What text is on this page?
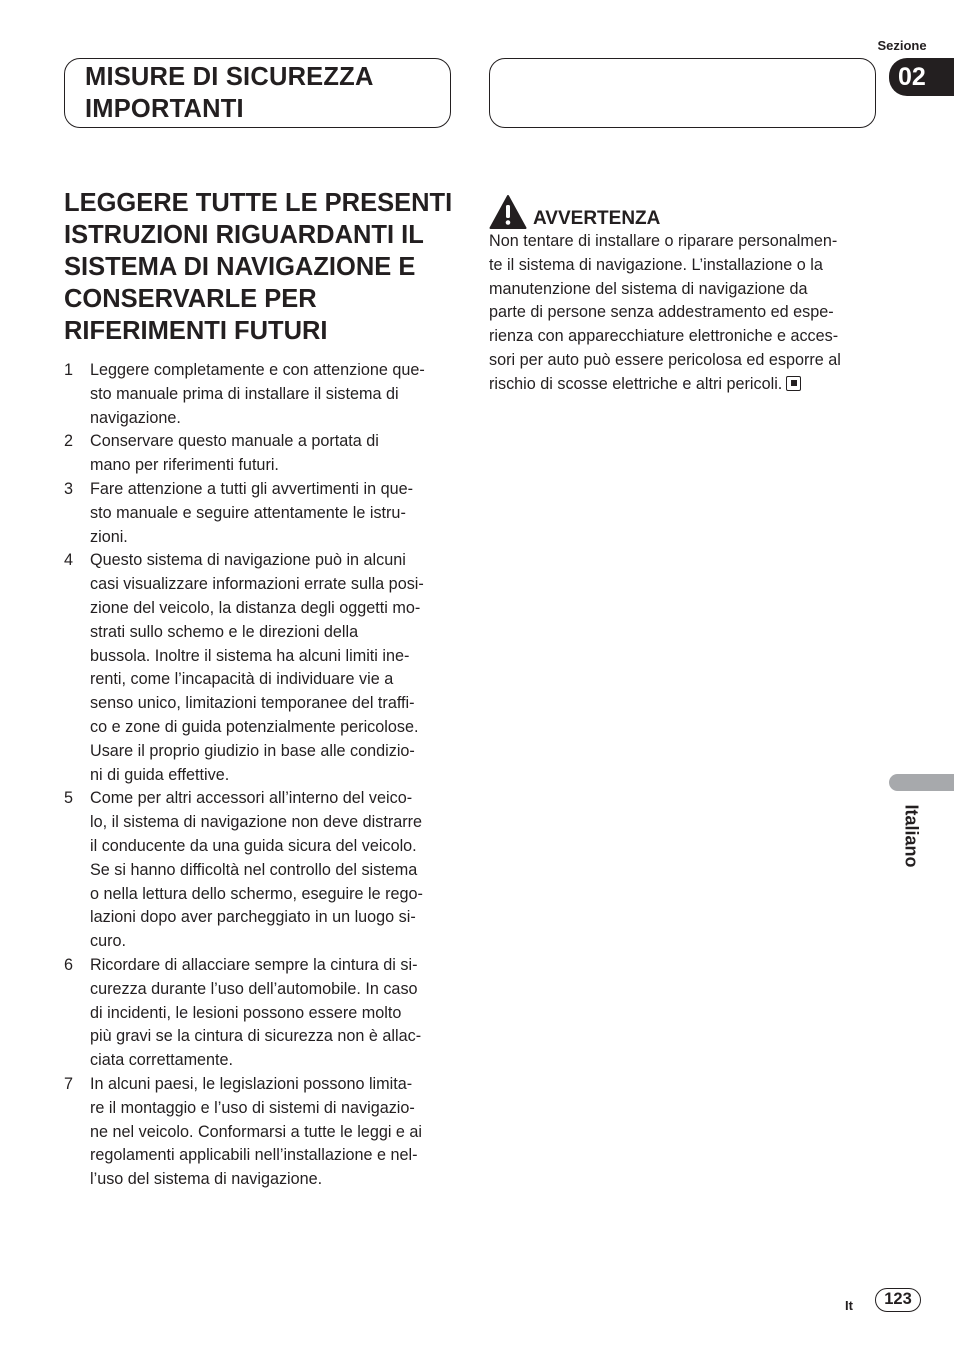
Sezione
02
MISURE DI SICUREZZA IMPORTANTI
LEGGERE TUTTE LE PRESENTI ISTRUZIONI RIGUARDANTI IL SISTEMA DI NAVIGAZIONE E CONSERVARLE PER RIFERIMENTI FUTURI
1	Leggere completamente e con attenzione que-
sto manuale prima di installare il sistema di
navigazione.
2	Conservare questo manuale a portata di
mano per riferimenti futuri.
3	Fare attenzione a tutti gli avvertimenti in que-
sto manuale e seguire attentamente le istru-
zioni.
4	Questo sistema di navigazione può in alcuni
casi visualizzare informazioni errate sulla posi-
zione del veicolo, la distanza degli oggetti mo-
strati sullo schemo e le direzioni della
bussola. Inoltre il sistema ha alcuni limiti ine-
renti, come l’incapacità di individuare vie a
senso unico, limitazioni temporanee del traffi-
co e zone di guida potenzialmente pericolose.
Usare il proprio giudizio in base alle condizio-
ni di guida effettive.
5	Come per altri accessori all’interno del veico-
lo, il sistema di navigazione non deve distrarre
il conducente da una guida sicura del veicolo.
Se si hanno difficoltà nel controllo del sistema
o nella lettura dello schermo, eseguire le rego-
lazioni dopo aver parcheggiato in un luogo si-
curo.
6	Ricordare di allacciare sempre la cintura di si-
curezza durante l’uso dell’automobile. In caso
di incidenti, le lesioni possono essere molto
più gravi se la cintura di sicurezza non è allac-
ciata correttamente.
7	In alcuni paesi, le legislazioni possono limita-
re il montaggio e l’uso di sistemi di navigazio-
ne nel veicolo. Conformarsi a tutte le leggi e ai
regolamenti applicabili nell’installazione e nel-
l’uso del sistema di navigazione.
AVVERTENZA

Non tentare di installare o riparare personalmen-
te il sistema di navigazione. L’installazione o la
manutenzione del sistema di navigazione da
parte di persone senza addestramento ed espe-
rienza con apparecchiature elettroniche e acces-
sori per auto può essere pericolosa ed esporre al
rischio di scosse elettriche e altri pericoli.

Italiano
It	123
